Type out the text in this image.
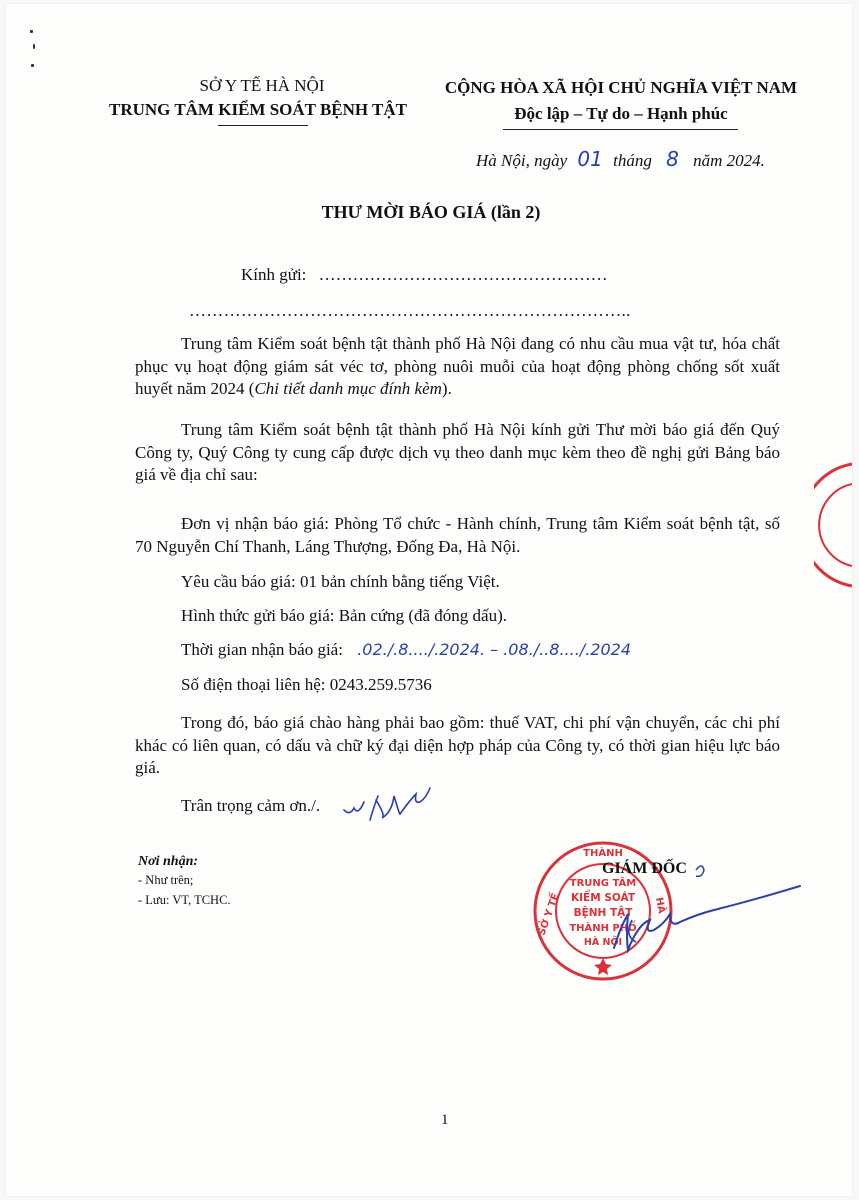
SỞ Y TẾ HÀ NỘI
TRUNG TÂM KIỂM SOÁT BỆNH TẬT
CỘNG HÒA XÃ HỘI CHỦ NGHĨA VIỆT NAM
Độc lập – Tự do – Hạnh phúc
Hà Nội, ngày 01 tháng 8 năm 2024.
THƯ MỜI BÁO GIÁ (lần 2)
Kính gửi: ……………………………………………
…………………………………………………………………..
Trung tâm Kiểm soát bệnh tật thành phố Hà Nội đang có nhu cầu mua vật tư, hóa chất phục vụ hoạt động giám sát véc tơ, phòng nuôi muỗi của hoạt động phòng chống sốt xuất huyết năm 2024 (Chi tiết danh mục đính kèm).
Trung tâm Kiểm soát bệnh tật thành phố Hà Nội kính gửi Thư mời báo giá đến Quý Công ty, Quý Công ty cung cấp được dịch vụ theo danh mục kèm theo đề nghị gửi Bảng báo giá về địa chỉ sau:
Đơn vị nhận báo giá: Phòng Tổ chức - Hành chính, Trung tâm Kiểm soát bệnh tật, số 70 Nguyễn Chí Thanh, Láng Thượng, Đống Đa, Hà Nội.
Yêu cầu báo giá: 01 bản chính bằng tiếng Việt.
Hình thức gửi báo giá: Bản cứng (đã đóng dấu).
Thời gian nhận báo giá: .02./.8..../.2024. – .08./..8..../.2024
Số điện thoại liên hệ: 0243.259.5736
Trong đó, báo giá chào hàng phải bao gồm: thuế VAT, chi phí vận chuyển, các chi phí khác có liên quan, có dấu và chữ ký đại diện hợp pháp của Công ty, có thời gian hiệu lực báo giá.
Trân trọng cảm ơn./.
Nơi nhận:
- Như trên;
- Lưu: VT, TCHC.
THÀNH
SỞ Y TẾ	HÀ
TRUNG TÂM
KIỂM SOÁT
BỆNH TẬT
THÀNH PHỐ
HÀ NỘI
GIÁM ĐỐC
1
